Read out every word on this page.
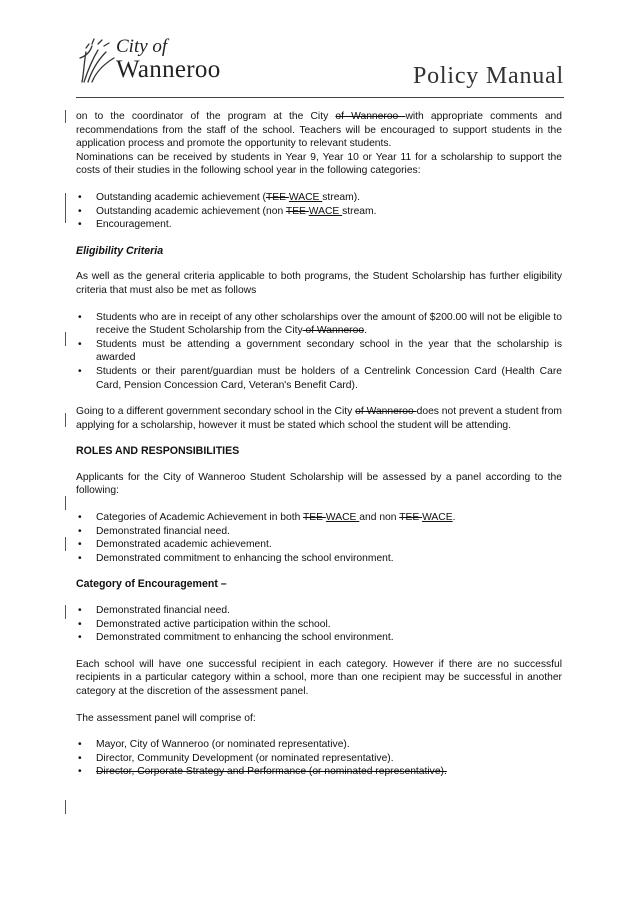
City of
Wanneroo	Policy Manual

on to the coordinator of the program at the City of Wanneroo with appropriate comments and recommendations from the staff of the school. Teachers will be encouraged to support students in the application process and promote the opportunity to relevant students.

Nominations can be received by students in Year 9, Year 10 or Year 11 for a scholarship to support the costs of their studies in the following school year in the following categories:

• Outstanding academic achievement (TEE WACE stream).
• Outstanding academic achievement (non TEE WACE stream.
• Encouragement.
Eligibility Criteria

As well as the general criteria applicable to both programs, the Student Scholarship has further eligibility criteria that must also be met as follows

• Students who are in receipt of any other scholarships over the amount of $200.00 will not be eligible to receive the Student Scholarship from the City of Wanneroo.
• Students must be attending a government secondary school in the year that the scholarship is awarded
• Students or their parent/guardian must be holders of a Centrelink Concession Card (Health Care Card, Pension Concession Card, Veteran's Benefit Card).

Going to a different government secondary school in the City of Wanneroo does not prevent a student from applying for a scholarship, however it must be stated which school the student will be attending.

ROLES AND RESPONSIBILITIES

Applicants for the City of Wanneroo Student Scholarship will be assessed by a panel according to the following:

• Categories of Academic Achievement in both TEE WACE and non TEE WACE.
• Demonstrated financial need.
• Demonstrated academic achievement.
• Demonstrated commitment to enhancing the school environment.
Category of Encouragement –
• Demonstrated financial need.
• Demonstrated active participation within the school.
• Demonstrated commitment to enhancing the school environment.

Each school will have one successful recipient in each category. However if there are no successful recipients in a particular category within a school, more than one recipient may be successful in another category at the discretion of the assessment panel.

The assessment panel will comprise of:

• Mayor, City of Wanneroo (or nominated representative).
• Director, Community Development (or nominated representative).
• Director, Corporate Strategy and Performance (or nominated representative).
